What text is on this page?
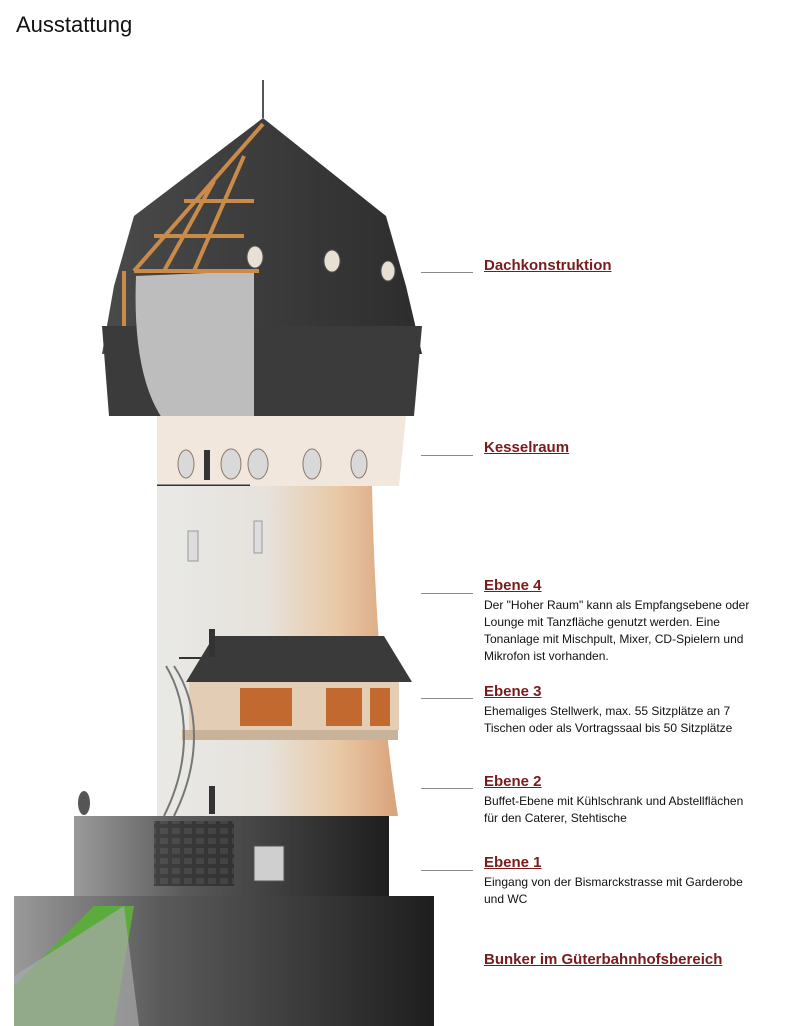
Ausstattung
Dachkonstruktion
Kesselraum
Ebene 4
Der "Hoher Raum" kann als Empfangsebene oder Lounge mit Tanzfläche genutzt werden. Eine Tonanlage mit Mischpult, Mixer, CD-Spielern und Mikrofon ist vorhanden.
Ebene 3
Ehemaliges Stellwerk, max. 55 Sitzplätze an 7 Tischen oder als Vortragssaal bis 50 Sitzplätze
Ebene 2
Buffet-Ebene mit Kühlschrank und Abstellflächen für den Caterer, Stehtische
Ebene 1
Eingang von der Bismarckstrasse mit Garderobe und WC
Bunker im Güterbahnhofsbereich
